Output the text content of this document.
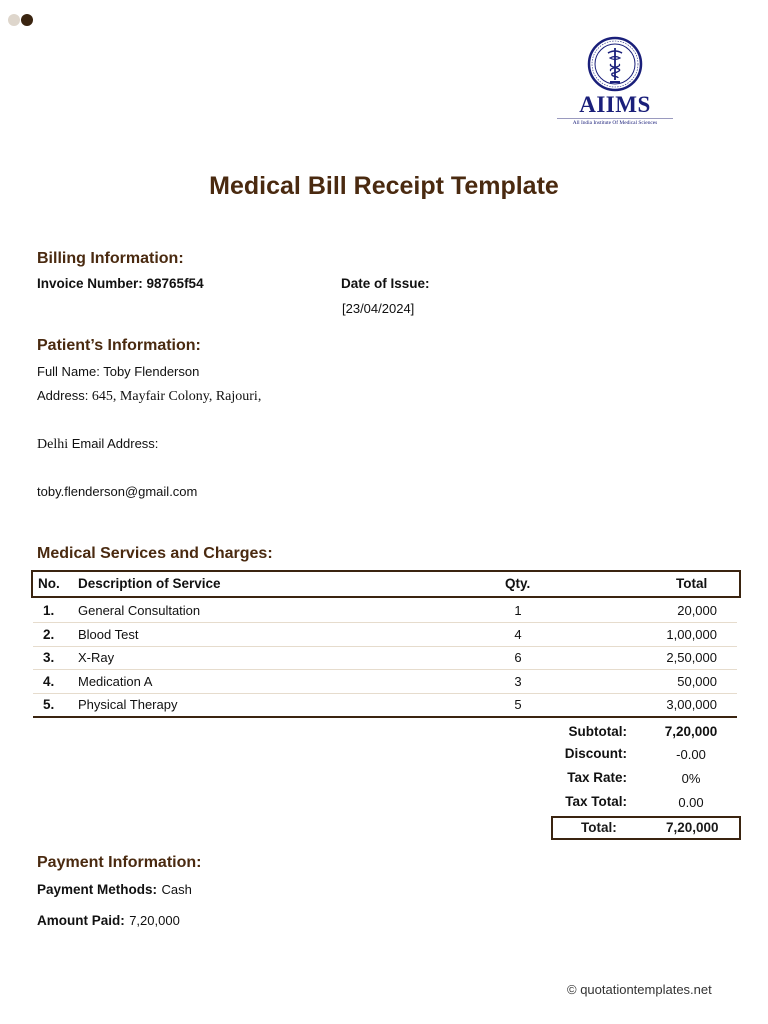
AIIMS
All India Institute Of Medical Sciences
Medical Bill Receipt Template
Billing Information:
Invoice Number: 98765f54	Date of Issue:
[23/04/2024]
Patient’s Information:
Full Name: Toby Flenderson
Address: 645, Mayfair Colony, Rajouri,
Delhi Email Address:
toby.flenderson@gmail.com
Medical Services and Charges:
No. Description of Service	Qty.	Total
1. General Consultation	1	20,000
2. Blood Test	4	1,00,000
3. X-Ray	6	2,50,000
4. Medication A	3	50,000
5. Physical Therapy	5	3,00,000
Subtotal:	7,20,000
Discount:	-0.00
Tax Rate:	0%
Tax Total:	0.00
Total:	7,20,000
Payment Information:
Payment Methods: Cash
Amount Paid: 7,20,000
© quotationtemplates.net
